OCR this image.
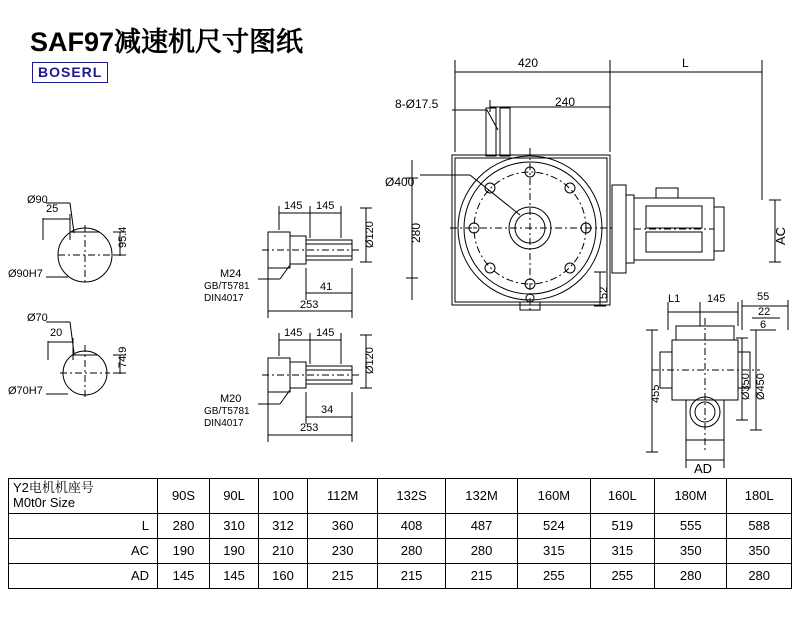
SAF97减速机尺寸图纸
BOSERL
Ø90
25
95.4
Ø90H7
Ø70
20
74.9
Ø70H7
145 145
Ø120
M24
GB/T5781
DIN4017
41
253
145 145
Ø120
M20
GB/T5781
DIN4017
34
253
420	L
8-Ø17.5	240
Ø400
280
52
AC
L1 145	55
22
6
455	Ø350 Ø450
AD
Y2电机机座号
M0t0r Size	90S	90L	100	112M	132S	132M	160M	160L	180M	180L
L	280	310	312	360	408	487	524	519	555	588
AC	190	190	210	230	280	280	315	315	350	350
AD	145	145	160	215	215	215	255	255	280	280
